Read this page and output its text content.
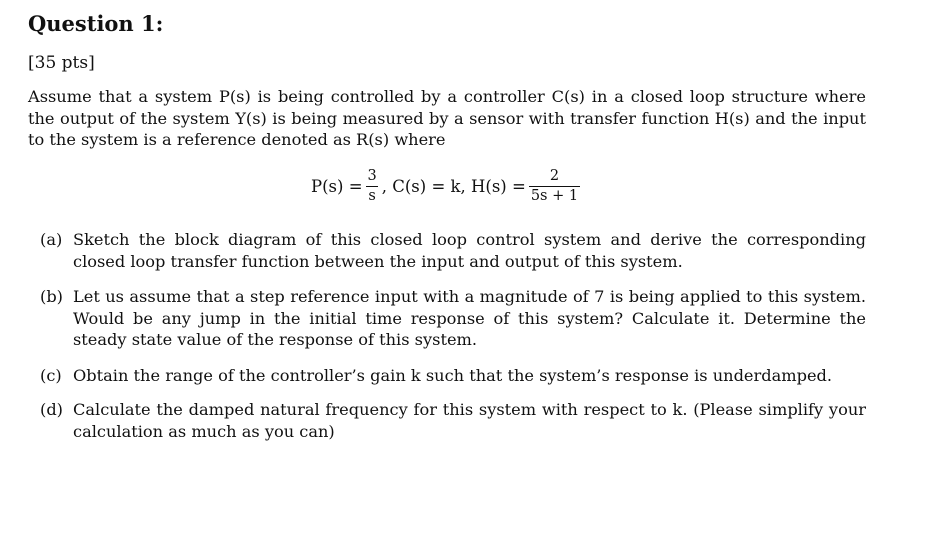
Question 1:
[35 pts]
Assume that a system P(s) is being controlled by a controller C(s) in a closed loop structure where the output of the system Y(s) is being measured by a sensor with transfer function H(s) and the input to the system is a reference denoted as R(s) where
$P(s) = \frac{3}{s}$ , C(s) = k, $H(s) = \frac{2}{5s + 1}$
(a) Sketch the block diagram of this closed loop control system and derive the corresponding closed loop transfer function between the input and output of this system.
(b) Let us assume that a step reference input with a magnitude of 7 is being applied to this system. Would be any jump in the initial time response of this system? Calculate it. Determine the steady state value of the response of this system.
(c) Obtain the range of the controller’s gain k such that the system’s response is underdamped.
(d) Calculate the damped natural frequency for this system with respect to k. (Please simplify your calculation as much as you can)
